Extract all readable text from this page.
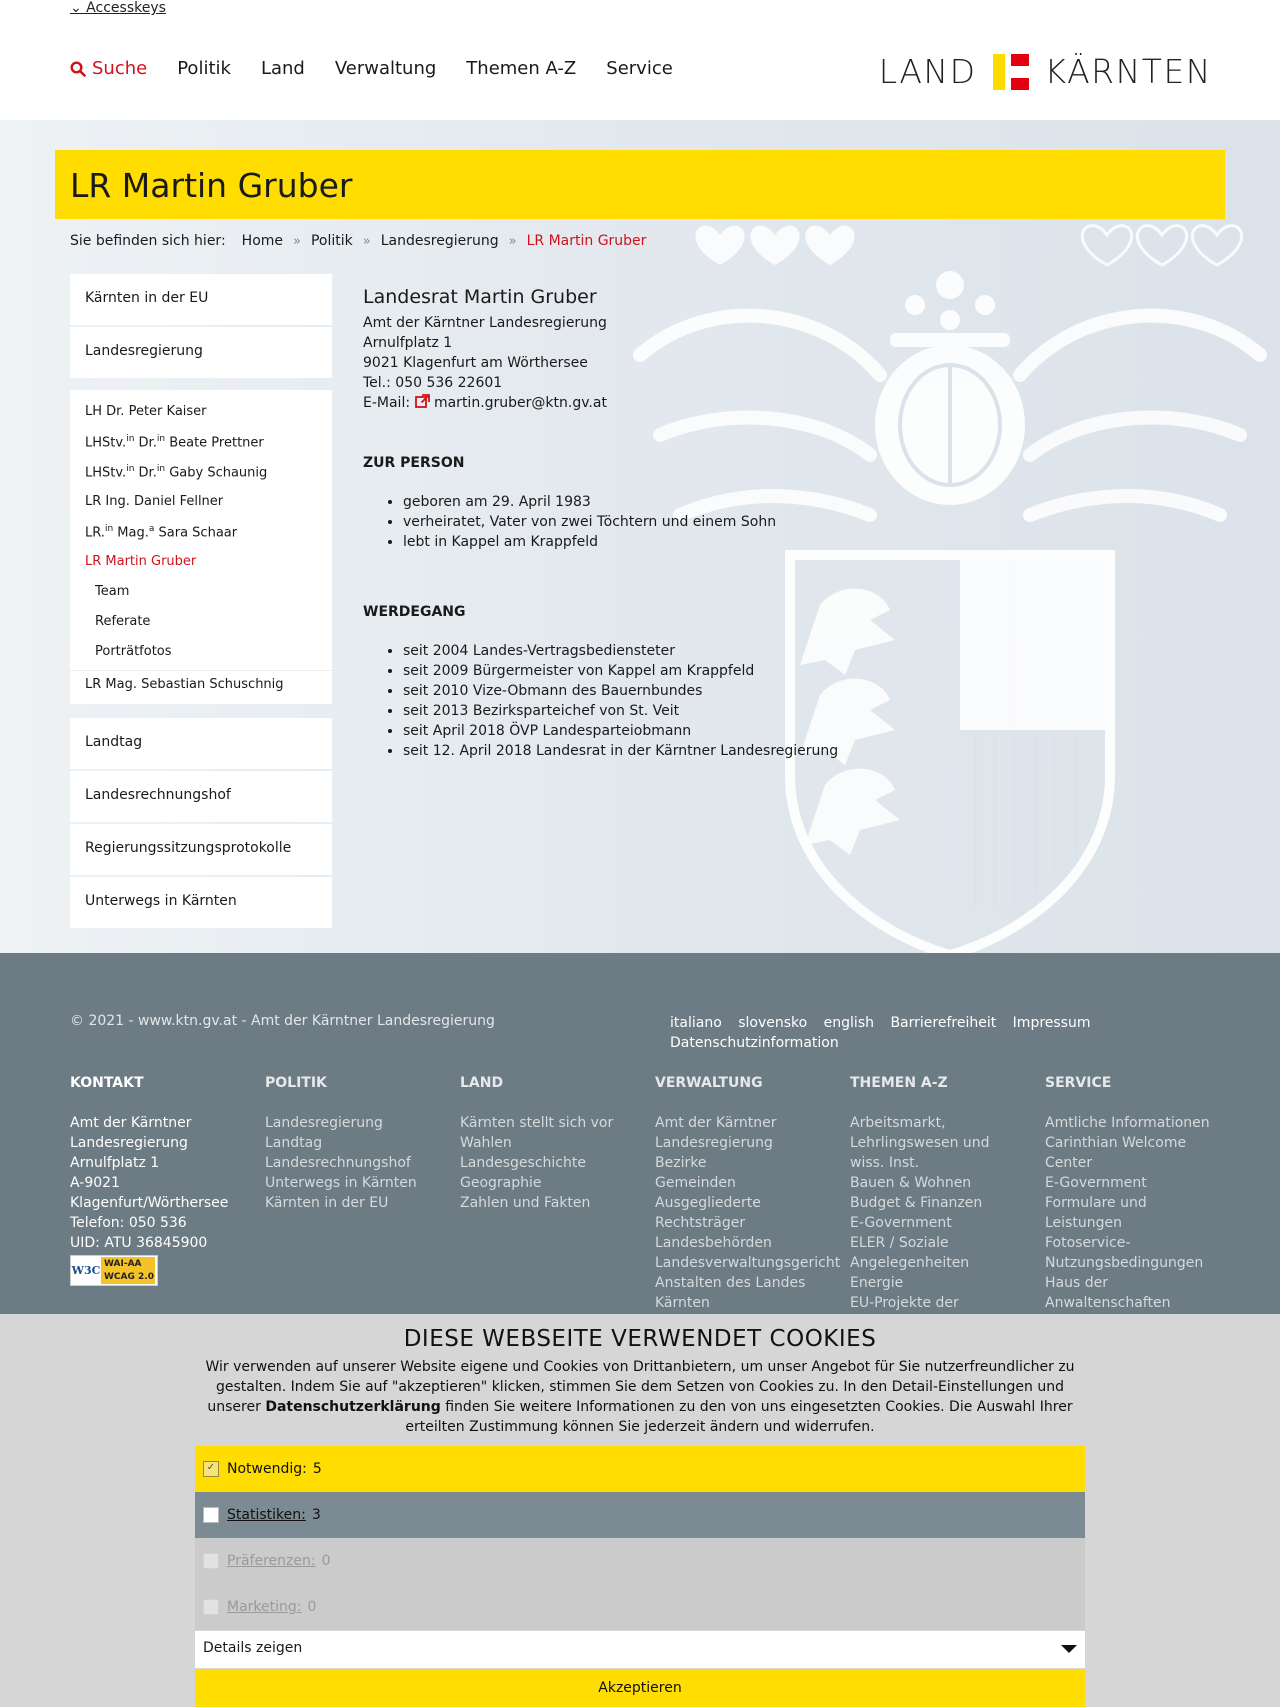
⌄ Accesskeys
Suche Politik Land Verwaltung Themen A-Z Service	LAND KÄRNTEN
LR Martin Gruber
Sie befinden sich hier: Home » Politik » Landesregierung » LR Martin Gruber
Kärnten in der EU
Landesregierung
LH Dr. Peter Kaiser
LHStv.$^{in}$ Dr.$^{in}$ Beate Prettner
LHStv.$^{in}$ Dr.$^{in}$ Gaby Schaunig
LR Ing. Daniel Fellner
LR.$^{in}$ Mag.$^a$ Sara Schaar
LR Martin Gruber
Team
Referate
Porträtfotos
LR Mag. Sebastian Schuschnig
Landtag
Landesrechnungshof
Regierungssitzungsprotokolle
Unterwegs in Kärnten
Landesrat Martin Gruber
Amt der Kärntner Landesregierung
Arnulfplatz 1
9021 Klagenfurt am Wörthersee
Tel.: 050 536 22601
E-Mail: martin.gruber@ktn.gv.at
ZUR PERSON
• geboren am 29. April 1983
• verheiratet, Vater von zwei Töchtern und einem Sohn
• lebt in Kappel am Krappfeld
WERDEGANG
• seit 2004 Landes-Vertragsbediensteter
• seit 2009 Bürgermeister von Kappel am Krappfeld
• seit 2010 Vize-Obmann des Bauernbundes
• seit 2013 Bezirksparteichef von St. Veit
• seit April 2018 ÖVP Landesparteiobmann
• seit 12. April 2018 Landesrat in der Kärntner Landesregierung
© 2021 - www.ktn.gv.at - Amt der Kärntner Landesregierung	italiano slovensko english Barrierefreiheit Impressum
Datenschutzinformation
KONTAKT
Amt der Kärntner
Landesregierung
Arnulfplatz 1
A-9021
Klagenfurt/Wörthersee
Telefon: 050 536
UID: ATU 36845900
W3C WAI-AA
WCAG 2.0
POLITIK
Landesregierung
Landtag
Landesrechnungshof
Unterwegs in Kärnten
Kärnten in der EU
LAND
Kärnten stellt sich vor
Wahlen
Landesgeschichte
Geographie
Zahlen und Fakten
VERWALTUNG
Amt der Kärntner
Landesregierung
Bezirke
Gemeinden
Ausgegliederte
Rechtsträger
Landesbehörden
Landesverwaltungsgericht
Anstalten des Landes
Kärnten
THEMEN A-Z
Arbeitsmarkt,
Lehrlingswesen und
wiss. Inst.
Bauen & Wohnen
Budget & Finanzen
E-Government
ELER / Soziale
Angelegenheiten
Energie
EU-Projekte der
SERVICE
Amtliche Informationen
Carinthian Welcome
Center
E-Government
Formulare und
Leistungen
Fotoservice-
Nutzungsbedingungen
Haus der
Anwaltenschaften
DIESE WEBSEITE VERWENDET COOKIES

Wir verwenden auf unserer Website eigene und Cookies von Drittanbietern, um unser Angebot für Sie nutzerfreundlicher zu gestalten. Indem Sie auf "akzeptieren" klicken, stimmen Sie dem Setzen von Cookies zu. In den Detail-Einstellungen und unserer Datenschutzerklärung finden Sie weitere Informationen zu den von uns eingesetzten Cookies. Die Auswahl Ihrer erteilten Zustimmung können Sie jederzeit ändern und widerrufen.

✓ Notwendig: 5
Statistiken: 3
Präferenzen: 0
Marketing: 0
Details zeigen
Akzeptieren
